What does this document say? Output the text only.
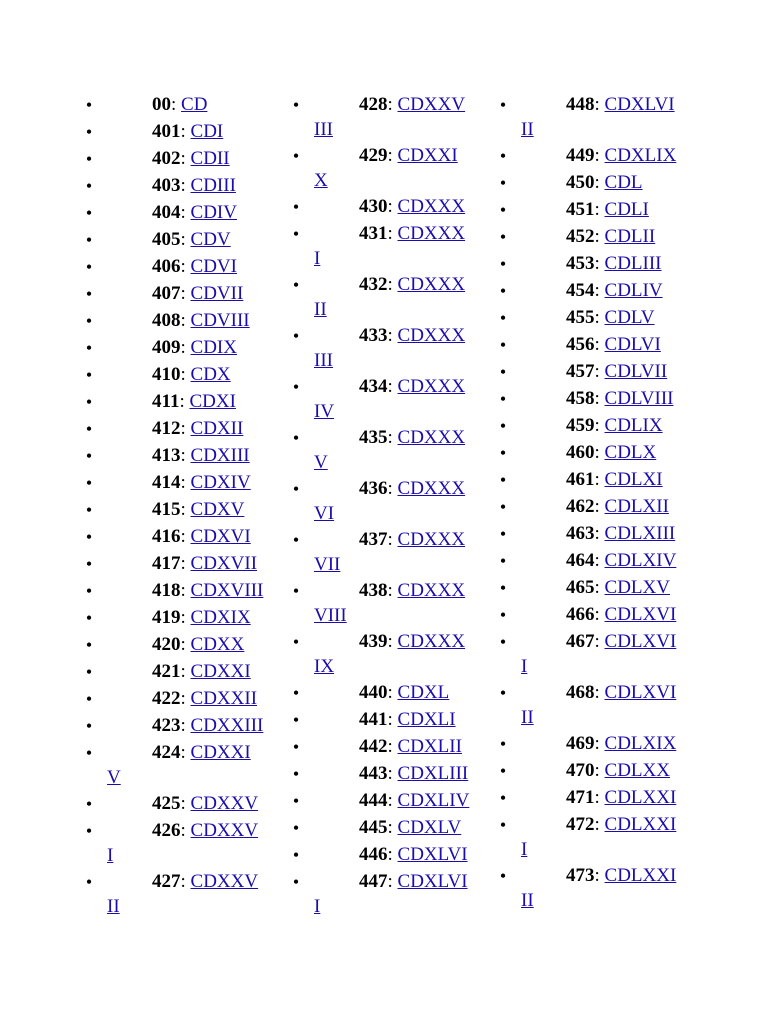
•	00: CD
•	401: CDI
•	402: CDII
•	403: CDIII
•	404: CDIV
•	405: CDV
•	406: CDVI
•	407: CDVII
•	408: CDVIII
•	409: CDIX
•	410: CDX
•	411: CDXI
•	412: CDXII
•	413: CDXIII
•	414: CDXIV
•	415: CDXV
•	416: CDXVI
•	417: CDXVII
•	418: CDXVIII
•	419: CDXIX
•	420: CDXX
•	421: CDXXI
•	422: CDXXII
•	423: CDXXIII
•	424: CDXXI
V
•	425: CDXXV
•	426: CDXXV
I
•	427: CDXXV
II
•	428: CDXXV
III
•	429: CDXXI
X
•	430: CDXXX
•	431: CDXXX
I
•	432: CDXXX
II
•	433: CDXXX
III
•	434: CDXXX
IV
•	435: CDXXX
V
•	436: CDXXX
VI
•	437: CDXXX
VII
•	438: CDXXX
VIII
•	439: CDXXX
IX
•	440: CDXL
•	441: CDXLI
•	442: CDXLII
•	443: CDXLIII
•	444: CDXLIV
•	445: CDXLV
•	446: CDXLVI
•	447: CDXLVI
I
•	448: CDXLVI
II
•	449: CDXLIX
•	450: CDL
•	451: CDLI
•	452: CDLII
•	453: CDLIII
•	454: CDLIV
•	455: CDLV
•	456: CDLVI
•	457: CDLVII
•	458: CDLVIII
•	459: CDLIX
•	460: CDLX
•	461: CDLXI
•	462: CDLXII
•	463: CDLXIII
•	464: CDLXIV
•	465: CDLXV
•	466: CDLXVI
•	467: CDLXVI
I
•	468: CDLXVI
II
•	469: CDLXIX
•	470: CDLXX
•	471: CDLXXI
•	472: CDLXXI
I
•	473: CDLXXI
II
